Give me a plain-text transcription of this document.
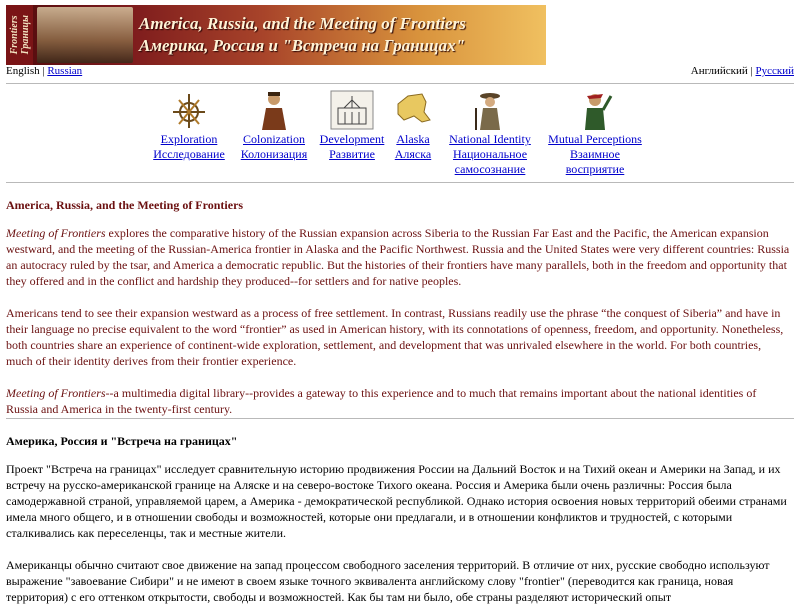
Frontiers
Границы	America, Russia, and the Meeting of Frontiers
Америка, Россия и "Встреча на Границах"
English | Russian	Английский | Русский
Exploration
Исследование
Colonization
Колонизация
Development
Развитие
Alaska
Аляска
National Identity
Национальное самосознание
Mutual Perceptions
Взаимное восприятие

America, Russia, and the Meeting of Frontiers

Meeting of Frontiers explores the comparative history of the Russian expansion across Siberia to the Russian Far East and the Pacific, the American expansion westward, and the meeting of the Russian-America frontier in Alaska and the Pacific Northwest. Russia and the United States were very different countries: Russia an autocracy ruled by the tsar, and America a democratic republic. But the histories of their frontiers have many parallels, both in the freedom and opportunity that they offered and in the conflict and hardship they produced--for settlers and for native peoples.

Americans tend to see their expansion westward as a process of free settlement. In contrast, Russians readily use the phrase “the conquest of Siberia” and have in their language no precise equivalent to the word “frontier” as used in American history, with its connotations of openness, freedom, and opportunity. Nonetheless, both countries share an experience of continent-wide exploration, settlement, and development that was unrivaled elsewhere in the world. For both countries, much of their identity derives from their frontier experience.

Meeting of Frontiers--a multimedia digital library--provides a gateway to this experience and to much that remains important about the national identities of Russia and America in the twenty-first century.

Америка, Россия и "Встреча на границах"

Проект "Встреча на границах" исследует сравнительную историю продвижения России на Дальний Восток и на Тихий океан и Америки на Запад, и их встречу на русско-американской границе на Аляске и на северо-востоке Тихого океана. Россия и Америка были очень различны: Россия была самодержавной страной, управляемой царем, а Америка - демократической республикой. Однако история освоения новых территорий обеими странами имела много общего, и в отношении свободы и возможностей, которые они предлагали, и в отношении конфликтов и трудностей, с которыми сталкивались как переселенцы, так и местные жители.

Американцы обычно считают свое движение на запад процессом свободного заселения территорий. В отличие от них, русские свободно используют выражение "завоевание Сибири" и не имеют в своем языке точного эквивалента английскому слову "frontier" (переводится как граница, новая территория) с его оттенком открытости, свободы и возможностей. Как бы там ни было, обе страны разделяют исторический опыт
